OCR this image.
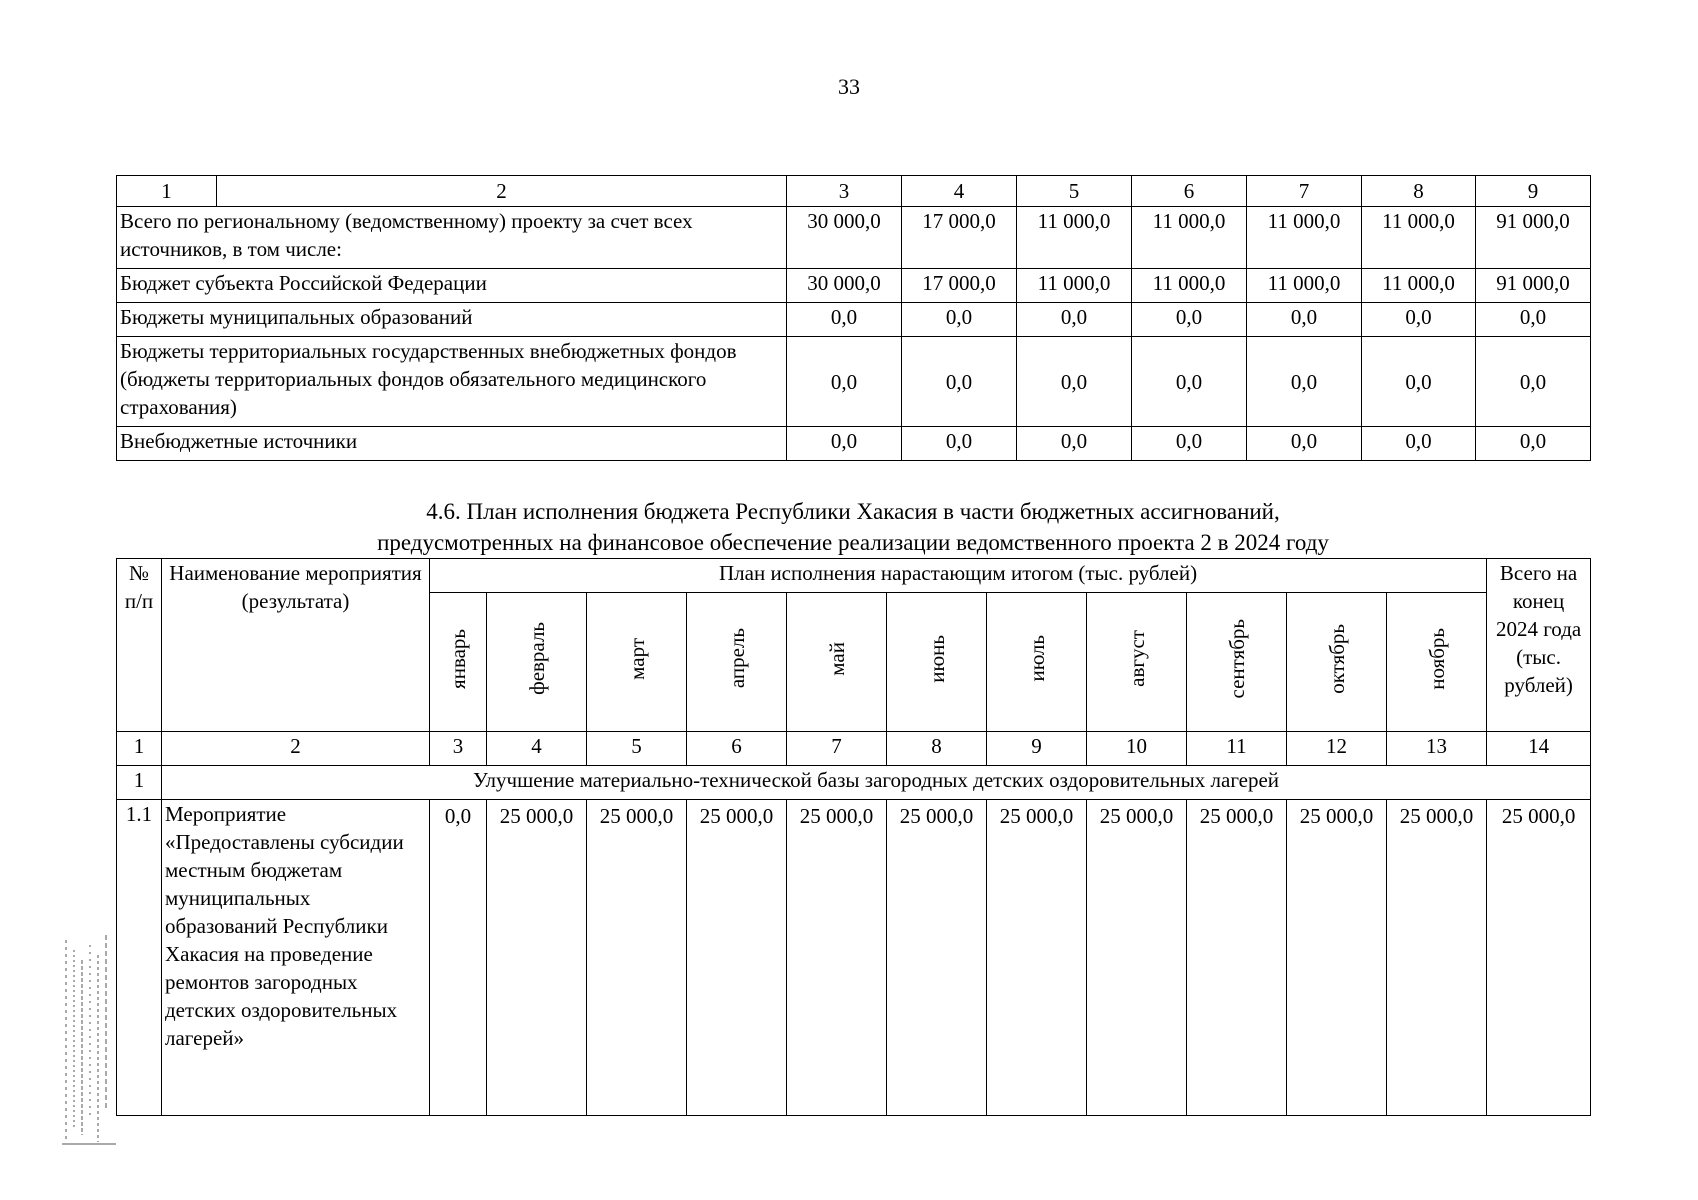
33
1	2	3	4	5	6	7	8	9
Всего по региональному (ведомственному) проекту за счет всех источников, в том числе:		30 000,0	17 000,0	11 000,0	11 000,0	11 000,0	11 000,0	91 000,0
Бюджет субъекта Российской Федерации		30 000,0	17 000,0	11 000,0	11 000,0	11 000,0	11 000,0	91 000,0
Бюджеты муниципальных образований		0,0	0,0	0,0	0,0	0,0	0,0	0,0
Бюджеты территориальных государственных внебюджетных фондов (бюджеты территориальных фондов обязательного медицинского страхования)		0,0	0,0	0,0	0,0	0,0	0,0	0,0
Внебюджетные источники		0,0	0,0	0,0	0,0	0,0	0,0	0,0
4.6. План исполнения бюджета Республики Хакасия в части бюджетных ассигнований,
предусмотренных на финансовое обеспечение реализации ведомственного проекта 2 в 2024 году
№ п/п	Наименование мероприятия (результата)	План исполнения нарастающим итогом (тыс. рублей)											Всего на конец 2024 года (тыс. рублей)
		январь	февраль	март	апрель	май	июнь	июль	август	сентябрь	октябрь	ноябрь	
1	2	3	4	5	6	7	8	9	10	11	12	13	14
1	Улучшение материально-технической базы загородных детских оздоровительных лагерей												
1.1	Мероприятие «Предоставлены субсидии местным бюджетам муниципальных образований Республики Хакасия на проведение ремонтов загородных детских оздоровительных лагерей»	0,0	25 000,0	25 000,0	25 000,0	25 000,0	25 000,0	25 000,0	25 000,0	25 000,0	25 000,0	25 000,0	25 000,0
